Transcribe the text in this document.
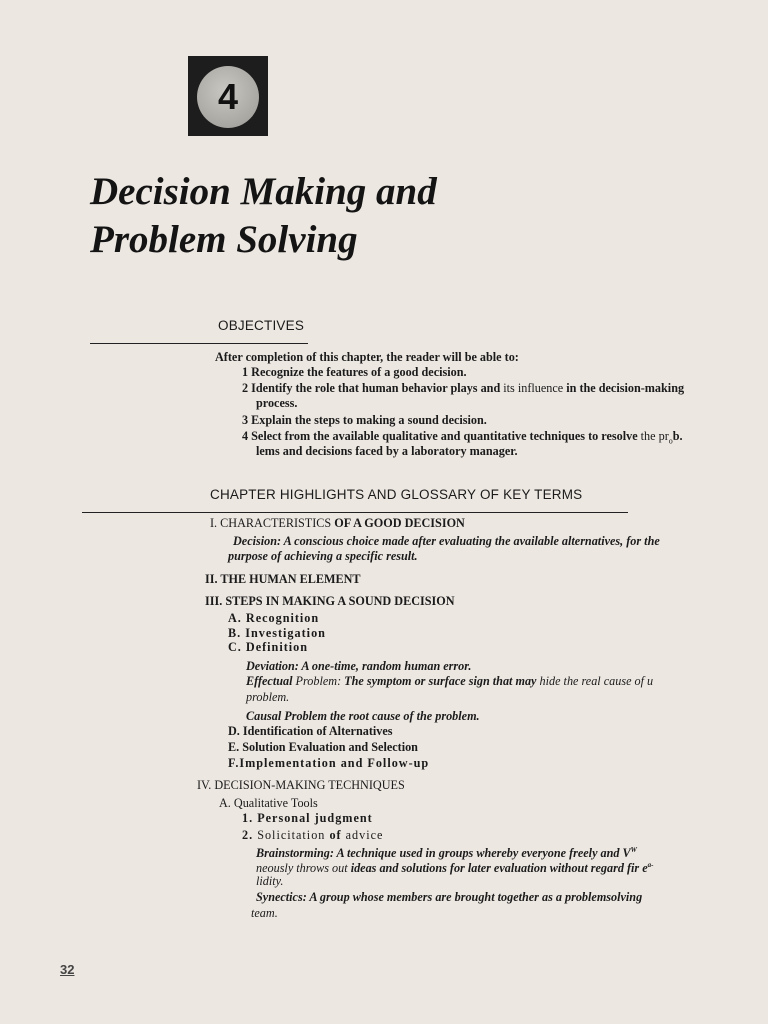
4
Decision Making and
Problem Solving
OBJECTIVES
After completion of this chapter, the reader will be able to:
1 Recognize the features of a good decision.
2 Identify the role that human behavior plays and its influence in the decision-making
process.
3 Explain the steps to making a sound decision.
4 Select from the available qualitative and quantitative techniques to resolve the $pr_ob$.
lems and decisions faced by a laboratory manager.
CHAPTER HIGHLIGHTS AND GLOSSARY OF KEY TERMS
I. CHARACTERISTICS OF A GOOD DECISION
Decision: A conscious choice made after evaluating the available alternatives, for the
purpose of achieving a specific result.
II. THE HUMAN ELEMENT
III. STEPS IN MAKING A SOUND DECISION
A. Recognition
B. Investigation
C. Definition
Deviation: A one-time, random human error.
Effectual Problem: The symptom or surface sign that may hide the real cause of u
problem.
Causal Problem the root cause of the problem.
D. Identification of Alternatives
E. Solution Evaluation and Selection
F.Implementation and Follow-up
IV. DECISION-MAKING TECHNIQUES
A. Qualitative Tools
1. Personal judgment
2. Solicitation of advice
Brainstorming: A technique used in groups whereby everyone freely and $V^W$
neously throws out ideas and solutions for later evaluation without regard fir $e^{a-}$
lidity.
Synectics: A group whose members are brought together as a problemsolving
team.
32
